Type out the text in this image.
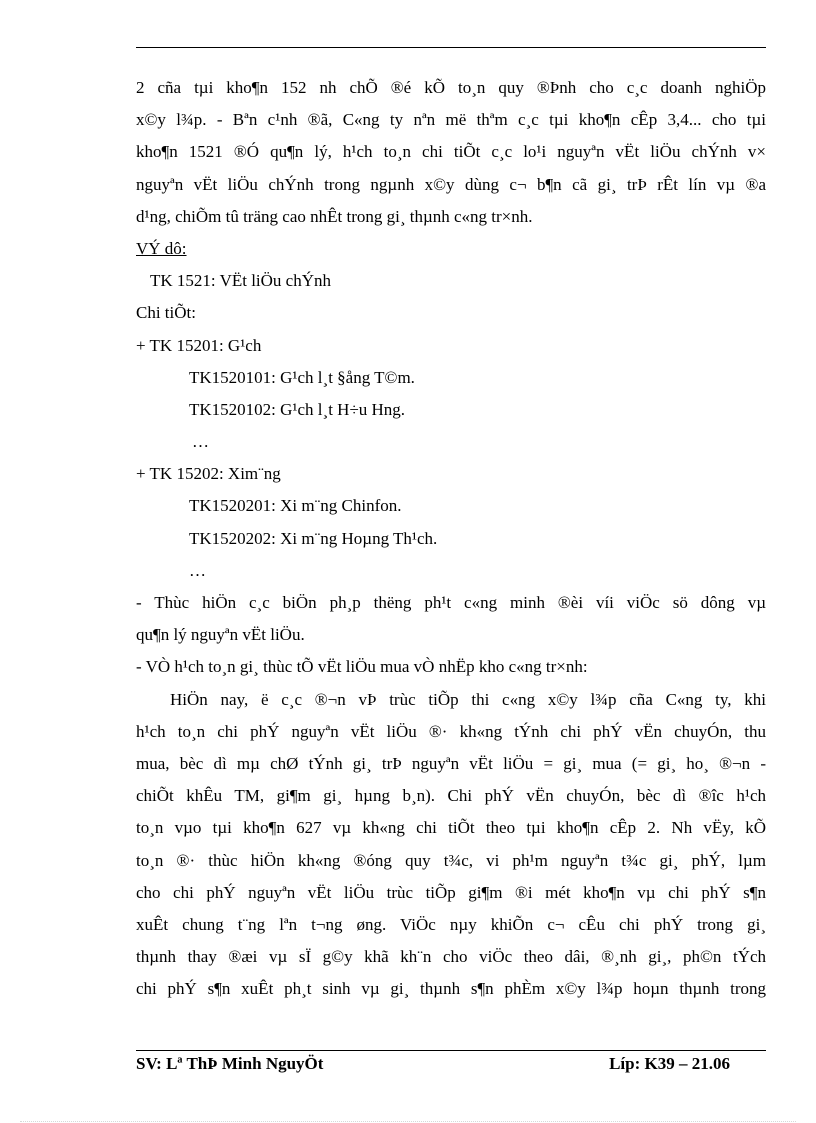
2 cña tµi kho¶n 152 nh chÕ ®é kÕ to¸n quy ®Þnh cho c¸c doanh nghiÖp
x©y l¾p. - Bªn c¹nh ®ã, C«ng ty nªn më thªm c¸c tµi kho¶n cÊp 3,4... cho tµi
kho¶n 1521 ®Ó qu¶n lý, h¹ch to¸n chi tiÕt c¸c lo¹i nguyªn vËt liÖu chÝnh v×
nguyªn vËt liÖu chÝnh trong ngµnh x©y dùng c¬ b¶n cã gi¸ trÞ rÊt lín vµ ®a
d¹ng, chiÕm tû träng cao nhÊt trong gi¸ thµnh c«ng tr×nh.
VÝ dô:
TK 1521: VËt liÖu chÝnh
Chi tiÕt:
+ TK 15201: G¹ch
TK1520101: G¹ch l¸t §ång T©m.
TK1520102: G¹ch l¸t H÷u Hng.
…
+ TK 15202: Xim¨ng
TK1520201: Xi m¨ng Chinfon.
TK1520202: Xi m¨ng Hoµng Th¹ch.
…
- Thùc hiÖn c¸c biÖn ph¸p thëng ph¹t c«ng minh ®èi víi viÖc sö dông vµ
qu¶n lý nguyªn vËt liÖu.
- VÒ h¹ch to¸n gi¸ thùc tÕ vËt liÖu mua vÒ nhËp kho c«ng tr×nh:
HiÖn nay, ë c¸c ®¬n vÞ trùc tiÕp thi c«ng x©y l¾p cña C«ng ty, khi
h¹ch to¸n chi phÝ nguyªn vËt liÖu ®· kh«ng tÝnh chi phÝ vËn chuyÓn, thu
mua, bèc dì mµ chØ tÝnh gi¸ trÞ nguyªn vËt liÖu = gi¸ mua (= gi¸ ho¸ ®¬n -
chiÕt khÊu TM, gi¶m gi¸ hµng b¸n). Chi phÝ vËn chuyÓn, bèc dì ®îc h¹ch
to¸n vµo tµi kho¶n 627 vµ kh«ng chi tiÕt theo tµi kho¶n cÊp 2. Nh vËy, kÕ
to¸n ®· thùc hiÖn kh«ng ®óng quy t¾c, vi ph¹m nguyªn t¾c gi¸ phÝ, lµm
cho chi phÝ nguyªn vËt liÖu trùc tiÕp gi¶m ®i mét kho¶n vµ chi phÝ s¶n
xuÊt chung t¨ng lªn t¬ng øng. ViÖc nµy khiÕn c¬ cÊu chi phÝ trong gi¸
thµnh thay ®æi vµ sÏ g©y khã kh¨n cho viÖc theo dâi, ®¸nh gi¸, ph©n tÝch
chi phÝ s¶n xuÊt ph¸t sinh vµ gi¸ thµnh s¶n phÈm x©y l¾p hoµn thµnh trong
SV: Lª ThÞ Minh NguyÖt	Líp: K39 – 21.06
